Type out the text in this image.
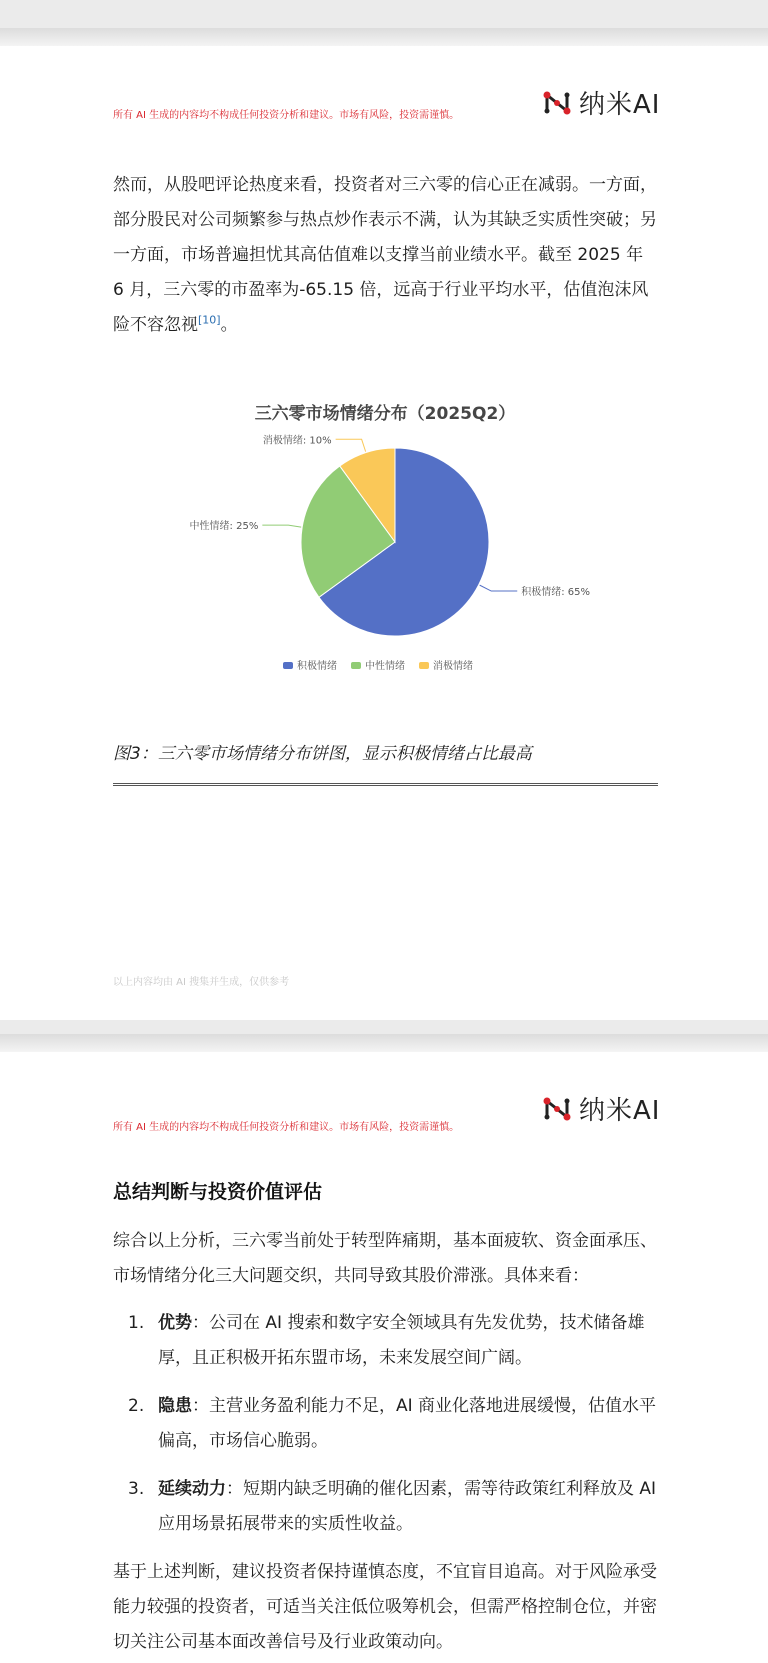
所有 AI 生成的内容均不构成任何投资分析和建议。市场有风险，投资需谨慎。	纳米AI

然而，从股吧评论热度来看，投资者对三六零的信心正在减弱。一方面，部分股民对公司频繁参与热点炒作表示不满，认为其缺乏实质性突破；另一方面，市场普遍担忧其高估值难以支撑当前业绩水平。截至 2025 年 6 月，三六零的市盈率为-65.15 倍，远高于行业平均水平，估值泡沫风险不容忽视[10]。

三六零市场情绪分布（2025Q2）
积极情绪: 65%
中性情绪: 25%
消极情绪: 10%
积极情绪	中性情绪	消极情绪
图3：三六零市场情绪分布饼图，显示积极情绪占比最高
以上内容均由 AI 搜集并生成，仅供参考
所有 AI 生成的内容均不构成任何投资分析和建议。市场有风险，投资需谨慎。
纳米AI
总结判断与投资价值评估

综合以上分析，三六零当前处于转型阵痛期，基本面疲软、资金面承压、市场情绪分化三大问题交织，共同导致其股价滞涨。具体来看：

1. 优势：公司在 AI 搜索和数字安全领域具有先发优势，技术储备雄厚，且正积极开拓东盟市场，未来发展空间广阔。
2. 隐患：主营业务盈利能力不足，AI 商业化落地进展缓慢，估值水平偏高，市场信心脆弱。
3. 延续动力：短期内缺乏明确的催化因素，需等待政策红利释放及 AI 应用场景拓展带来的实质性收益。

基于上述判断，建议投资者保持谨慎态度，不宜盲目追高。对于风险承受能力较强的投资者，可适当关注低位吸筹机会，但需严格控制仓位，并密切关注公司基本面改善信号及行业政策动向。
